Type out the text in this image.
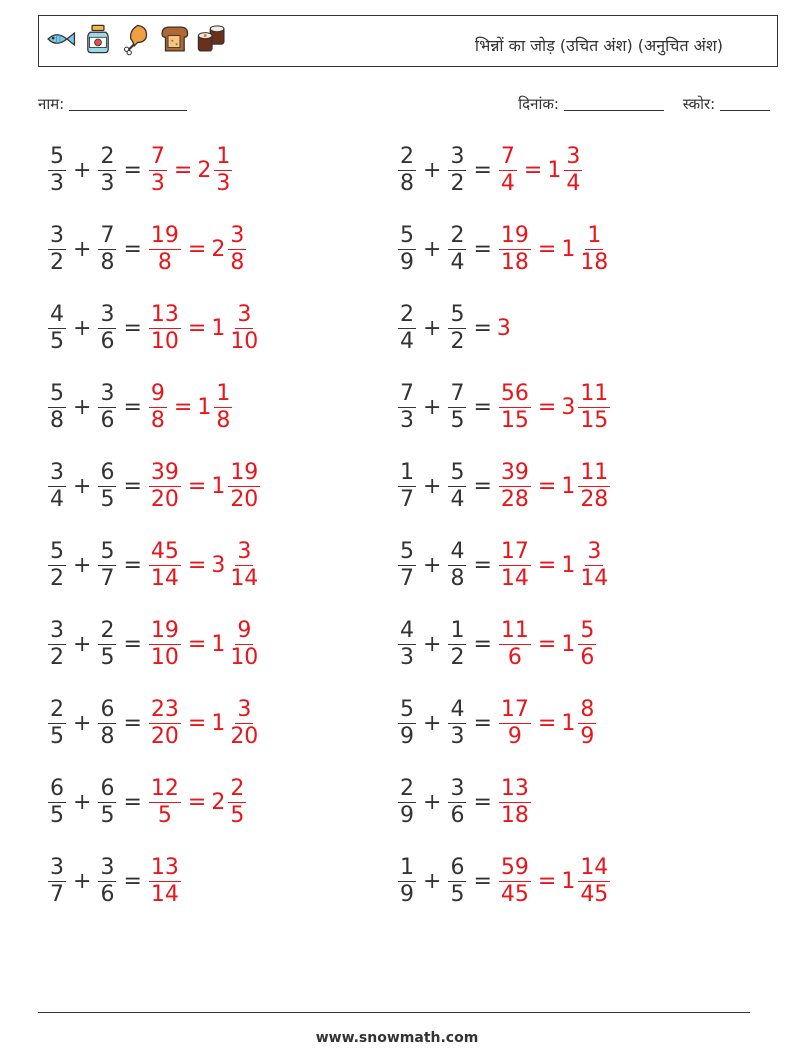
भिन्नों का जोड़ (उचित अंश) (अनुचित अंश)
नाम:	दिनांक:	स्कोर:
$\frac{5}{3} + \frac{2}{3} = \frac{7}{3} = 2 \frac{1}{3}$	$\frac{2}{8} + \frac{3}{2} = \frac{7}{4} = 1 \frac{3}{4}$
$\frac{3}{2} + \frac{7}{8} = \frac{19}{8} = 2 \frac{3}{8}$	$\frac{5}{9} + \frac{2}{4} = \frac{19}{18} = 1 \frac{1}{18}$
$\frac{4}{5} + \frac{3}{6} = \frac{13}{10} = 1 \frac{3}{10}$	$\frac{2}{4} + \frac{5}{2} = 3$
$\frac{5}{8} + \frac{3}{6} = \frac{9}{8} = 1 \frac{1}{8}$	$\frac{7}{3} + \frac{7}{5} = \frac{56}{15} = 3 \frac{11}{15}$
$\frac{3}{4} + \frac{6}{5} = \frac{39}{20} = 1 \frac{19}{20}$	$\frac{1}{7} + \frac{5}{4} = \frac{39}{28} = 1 \frac{11}{28}$
$\frac{5}{2} + \frac{5}{7} = \frac{45}{14} = 3 \frac{3}{14}$	$\frac{5}{7} + \frac{4}{8} = \frac{17}{14} = 1 \frac{3}{14}$
$\frac{3}{2} + \frac{2}{5} = \frac{19}{10} = 1 \frac{9}{10}$	$\frac{4}{3} + \frac{1}{2} = \frac{11}{6} = 1 \frac{5}{6}$
$\frac{2}{5} + \frac{6}{8} = \frac{23}{20} = 1 \frac{3}{20}$	$\frac{5}{9} + \frac{4}{3} = \frac{17}{9} = 1 \frac{8}{9}$
$\frac{6}{5} + \frac{6}{5} = \frac{12}{5} = 2 \frac{2}{5}$	$\frac{2}{9} + \frac{3}{6} = \frac{13}{18}$
$\frac{3}{7} + \frac{3}{6} = \frac{13}{14}$	$\frac{1}{9} + \frac{6}{5} = \frac{59}{45} = 1 \frac{14}{45}$
www.snowmath.com
